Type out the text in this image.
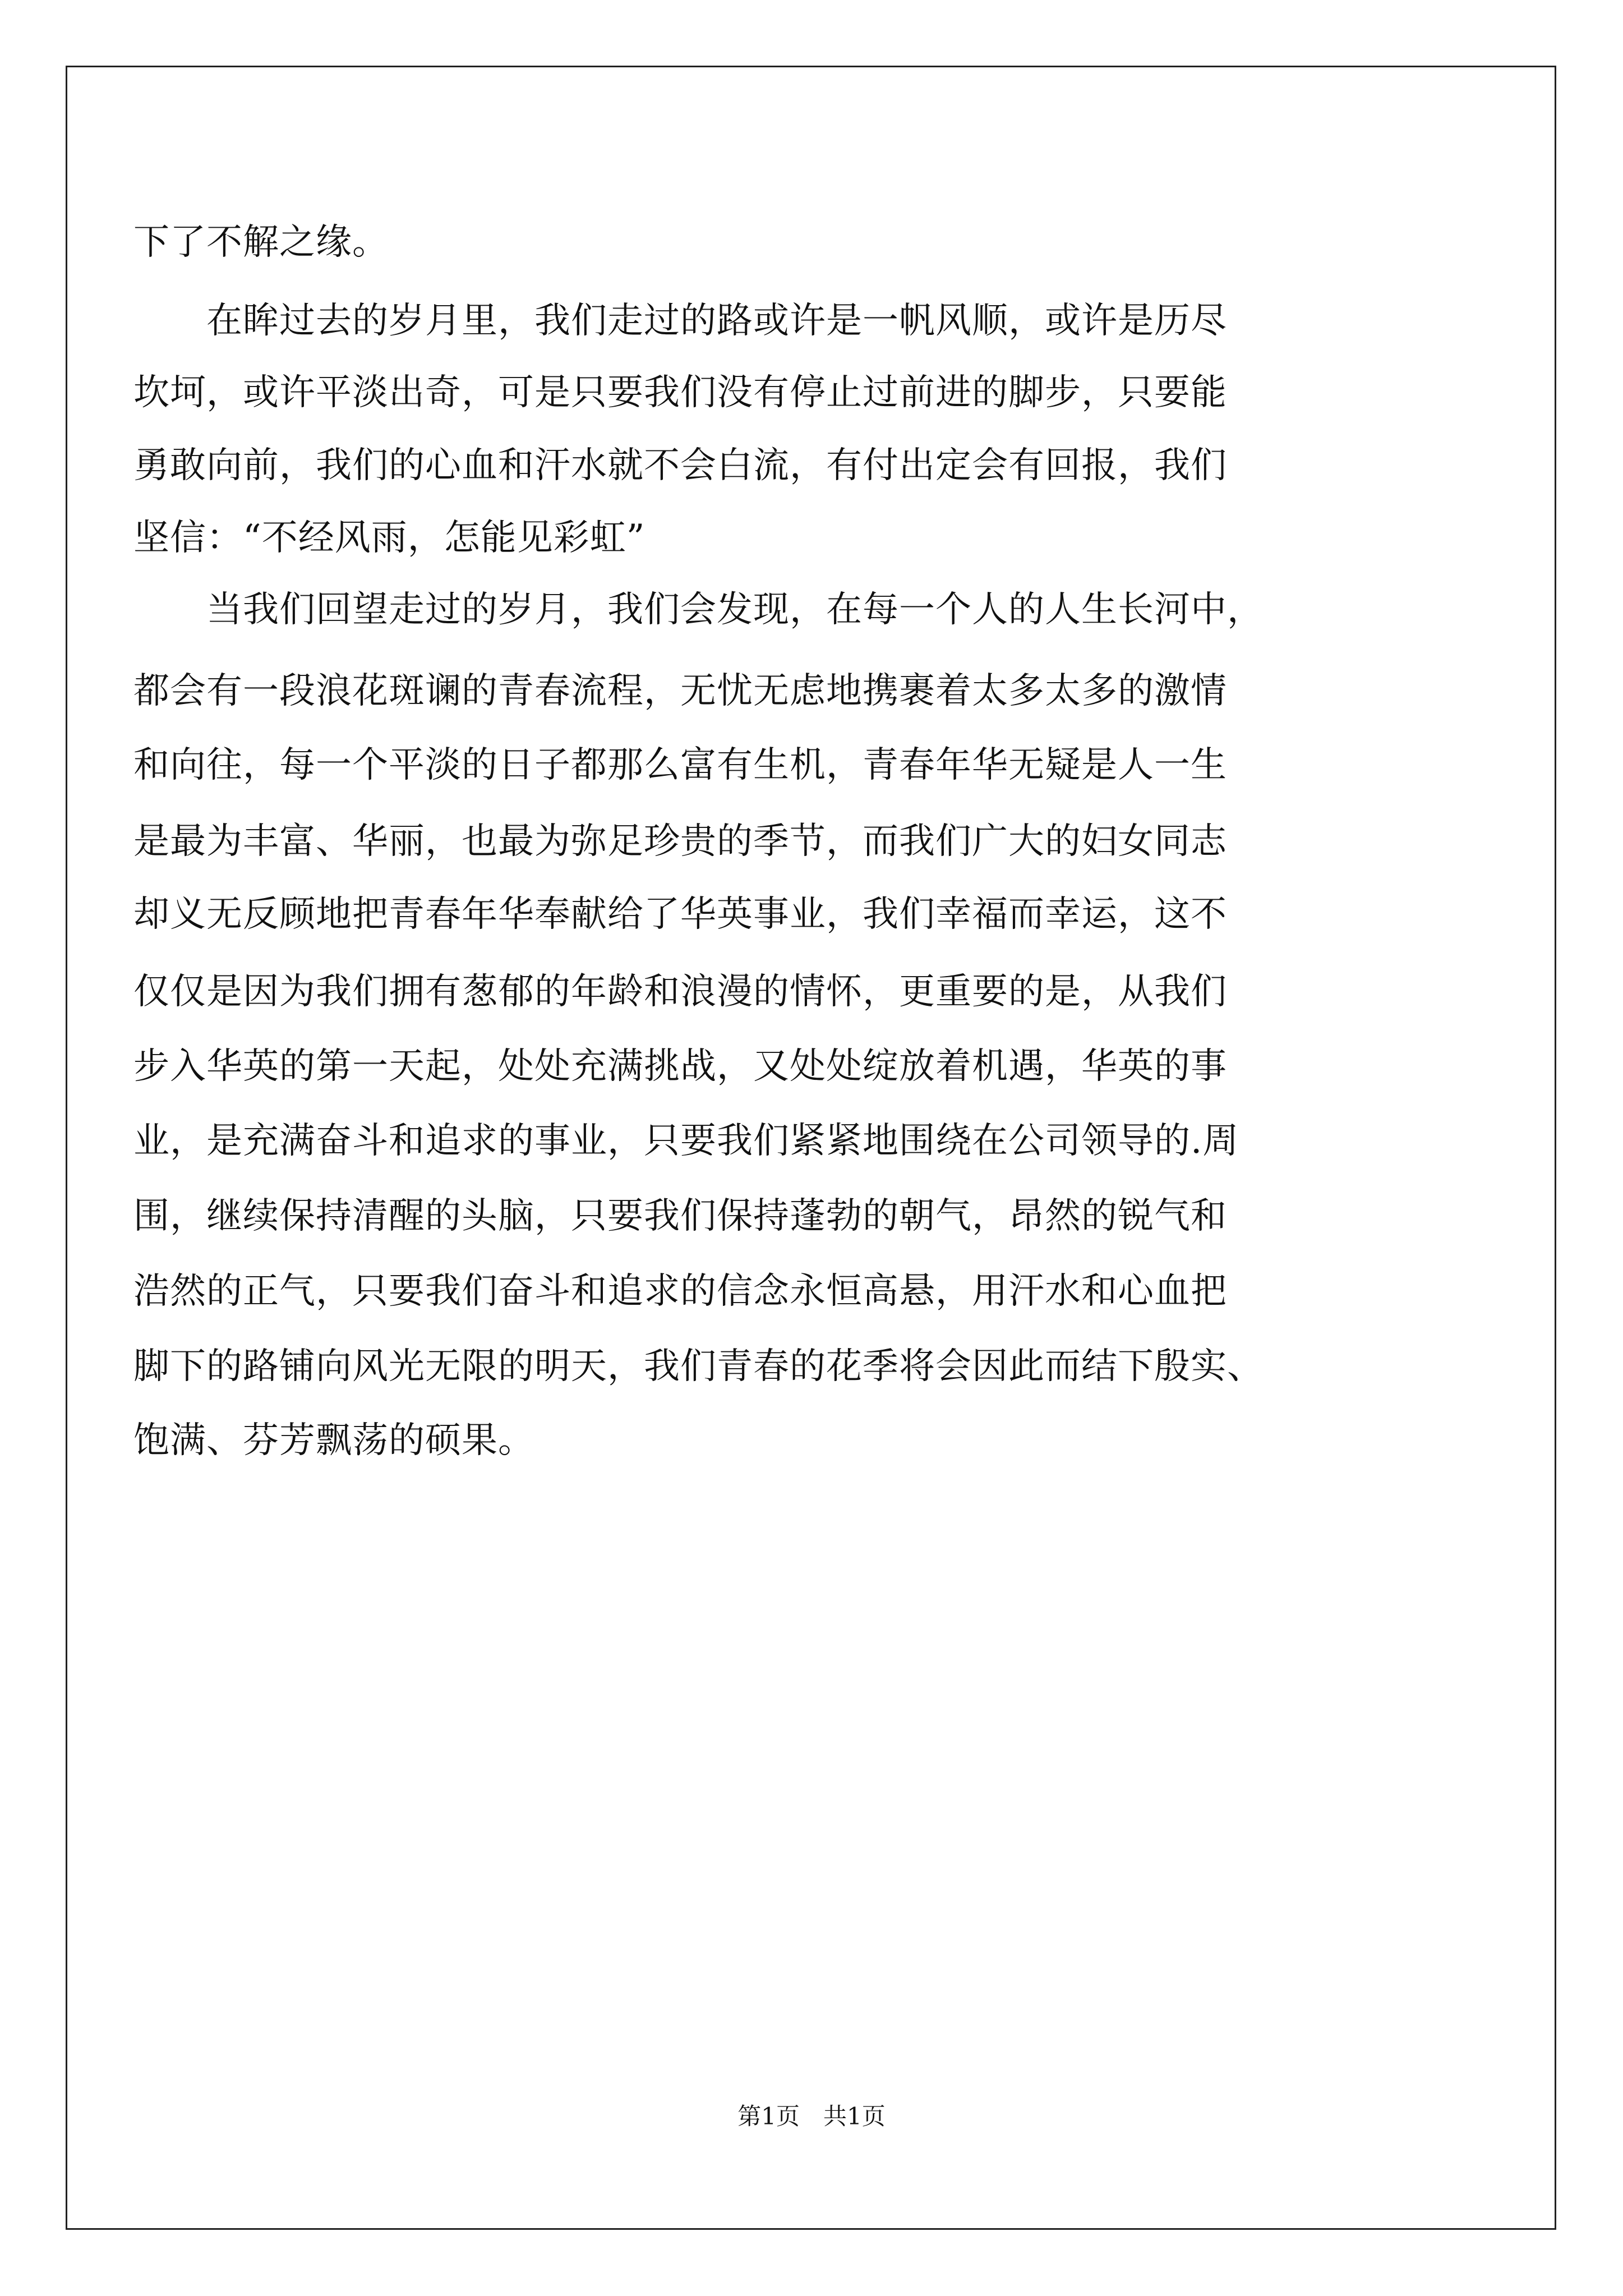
下了不解之缘。
　　在眸过去的岁月里，我们走过的路或许是一帆风顺，或许是历尽
坎坷，或许平淡出奇，可是只要我们没有停止过前进的脚步，只要能
勇敢向前，我们的心血和汗水就不会白流，有付出定会有回报，我们
坚信：“不经风雨，怎能见彩虹”
　　当我们回望走过的岁月，我们会发现，在每一个人的人生长河中，
都会有一段浪花斑谰的青春流程，无忧无虑地携裹着太多太多的激情
和向往，每一个平淡的日子都那么富有生机，青春年华无疑是人一生
是最为丰富、华丽，也最为弥足珍贵的季节，而我们广大的妇女同志
却义无反顾地把青春年华奉献给了华英事业，我们幸福而幸运，这不
仅仅是因为我们拥有葱郁的年龄和浪漫的情怀，更重要的是，从我们
步入华英的第一天起，处处充满挑战，又处处绽放着机遇，华英的事
业，是充满奋斗和追求的事业，只要我们紧紧地围绕在公司领导的.周
围，继续保持清醒的头脑，只要我们保持蓬勃的朝气，昂然的锐气和
浩然的正气，只要我们奋斗和追求的信念永恒高悬，用汗水和心血把
脚下的路铺向风光无限的明天，我们青春的花季将会因此而结下殷实、
饱满、芬芳飘荡的硕果。
第1页　共1页
